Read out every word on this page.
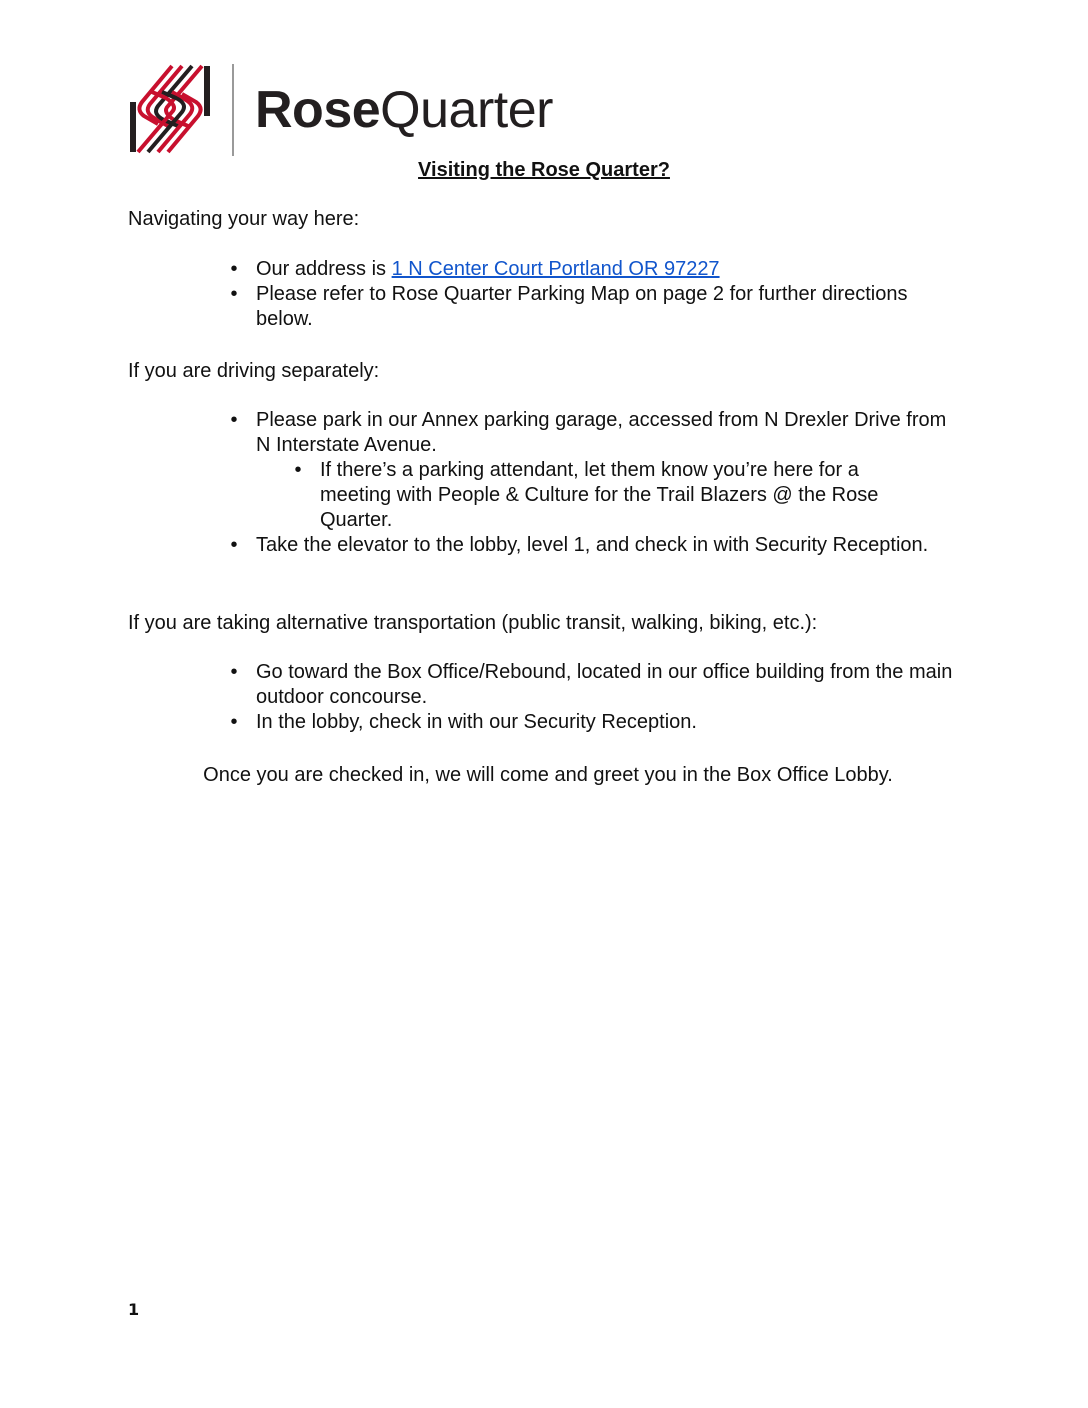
RoseQuarter
Visiting the Rose Quarter?
Navigating your way here:
• Our address is 1 N Center Court Portland OR 97227
• Please refer to Rose Quarter Parking Map on page 2 for further directions below.
If you are driving separately:
• Please park in our Annex parking garage, accessed from N Drexler Drive from N Interstate Avenue.
• If there’s a parking attendant, let them know you’re here for a meeting with People & Culture for the Trail Blazers @ the Rose Quarter.
• Take the elevator to the lobby, level 1, and check in with Security Reception.
If you are taking alternative transportation (public transit, walking, biking, etc.):
• Go toward the Box Office/Rebound, located in our office building from the main outdoor concourse.
• In the lobby, check in with our Security Reception.
Once you are checked in, we will come and greet you in the Box Office Lobby.
1
